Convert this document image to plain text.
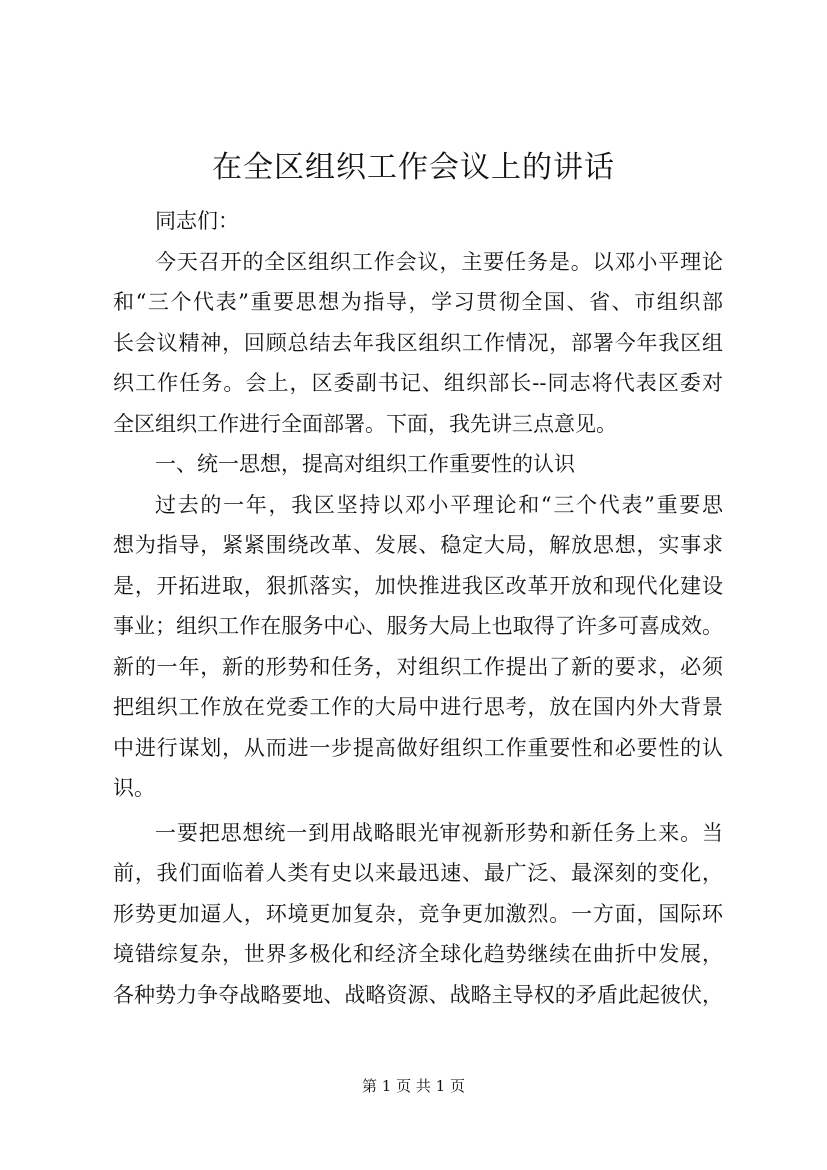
在全区组织工作会议上的讲话
同志们：
今天召开的全区组织工作会议，主要任务是。以邓小平理论
和“三个代表”重要思想为指导，学习贯彻全国、省、市组织部
长会议精神，回顾总结去年我区组织工作情况，部署今年我区组
织工作任务。会上，区委副书记、组织部长--同志将代表区委对
全区组织工作进行全面部署。下面，我先讲三点意见。
一、统一思想，提高对组织工作重要性的认识
过去的一年，我区坚持以邓小平理论和“三个代表”重要思
想为指导，紧紧围绕改革、发展、稳定大局，解放思想，实事求
是，开拓进取，狠抓落实，加快推进我区改革开放和现代化建设
事业；组织工作在服务中心、服务大局上也取得了许多可喜成效。
新的一年，新的形势和任务，对组织工作提出了新的要求，必须
把组织工作放在党委工作的大局中进行思考，放在国内外大背景
中进行谋划，从而进一步提高做好组织工作重要性和必要性的认
识。
一要把思想统一到用战略眼光审视新形势和新任务上来。当
前，我们面临着人类有史以来最迅速、最广泛、最深刻的变化，
形势更加逼人，环境更加复杂，竞争更加激烈。一方面，国际环
境错综复杂，世界多极化和经济全球化趋势继续在曲折中发展，
各种势力争夺战略要地、战略资源、战略主导权的矛盾此起彼伏，
第 1 页 共 1 页
